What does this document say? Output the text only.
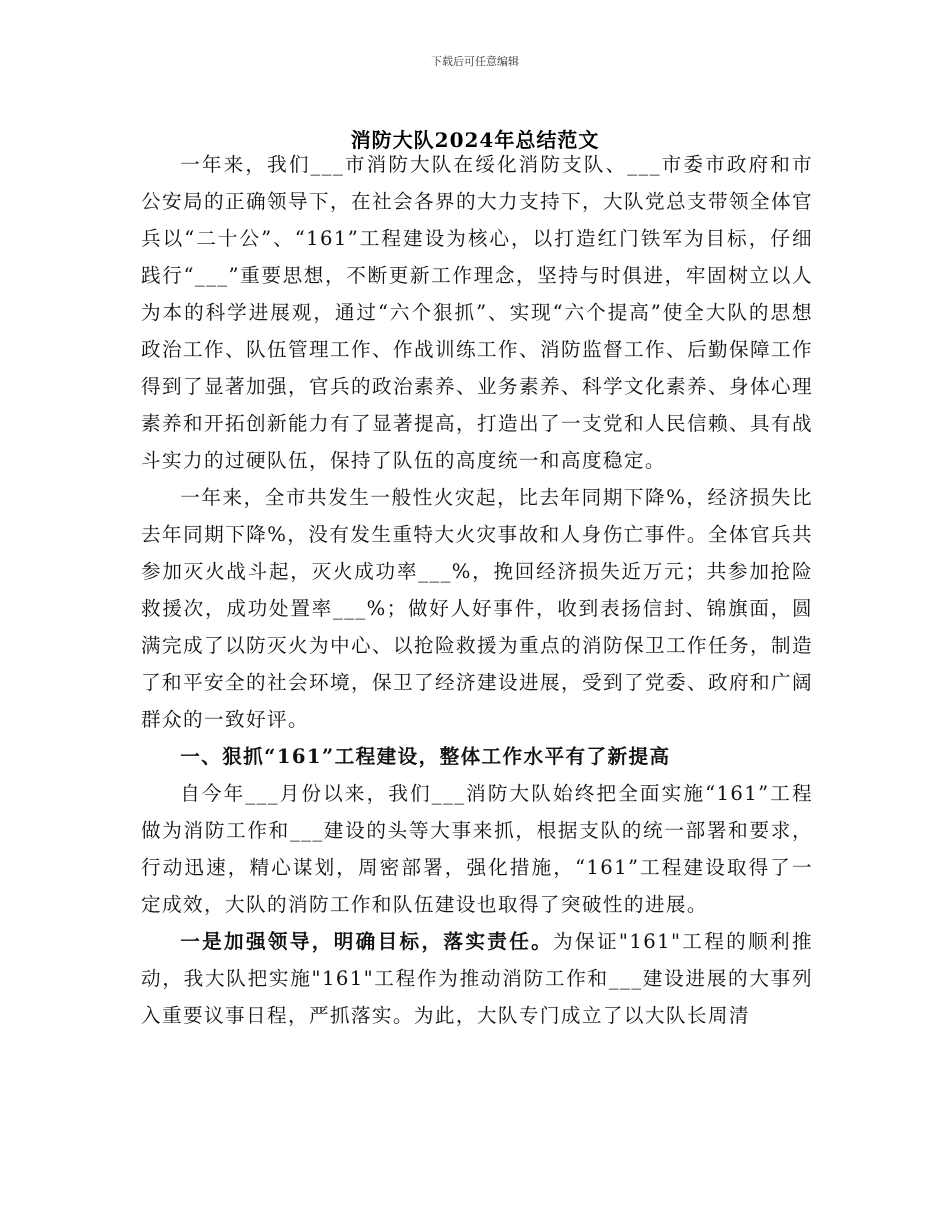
下载后可任意编辑
消防大队2024年总结范文

一年来，我们___市消防大队在绥化消防支队、___市委市政府和市公安局的正确领导下，在社会各界的大力支持下，大队党总支带领全体官兵以“二十公”、“161”工程建设为核心，以打造红门铁军为目标，仔细践行“___”重要思想，不断更新工作理念，坚持与时俱进，牢固树立以人为本的科学进展观，通过“六个狠抓”、实现“六个提高”使全大队的思想政治工作、队伍管理工作、作战训练工作、消防监督工作、后勤保障工作得到了显著加强，官兵的政治素养、业务素养、科学文化素养、身体心理素养和开拓创新能力有了显著提高，打造出了一支党和人民信赖、具有战斗实力的过硬队伍，保持了队伍的高度统一和高度稳定。

一年来，全市共发生一般性火灾起，比去年同期下降%，经济损失比去年同期下降%，没有发生重特大火灾事故和人身伤亡事件。全体官兵共参加灭火战斗起，灭火成功率___%，挽回经济损失近万元；共参加抢险救援次，成功处置率___%；做好人好事件，收到表扬信封、锦旗面，圆满完成了以防灭火为中心、以抢险救援为重点的消防保卫工作任务，制造了和平安全的社会环境，保卫了经济建设进展，受到了党委、政府和广阔群众的一致好评。

一、狠抓“161”工程建设，整体工作水平有了新提高

自今年___月份以来，我们___消防大队始终把全面实施“161”工程做为消防工作和___建设的头等大事来抓，根据支队的统一部署和要求，行动迅速，精心谋划，周密部署，强化措施，“161”工程建设取得了一定成效，大队的消防工作和队伍建设也取得了突破性的进展。

一是加强领导，明确目标，落实责任。为保证"161"工程的顺利推动，我大队把实施"161"工程作为推动消防工作和___建设进展的大事列入重要议事日程，严抓落实。为此，大队专门成立了以大队长周清
